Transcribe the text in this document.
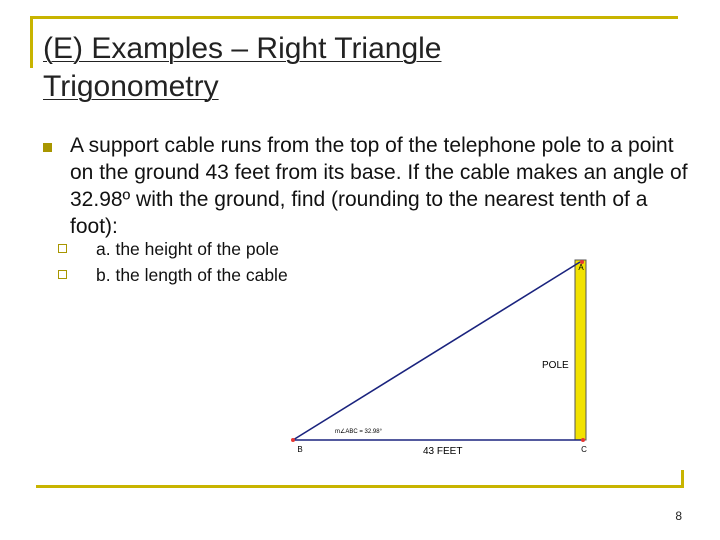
(E) Examples – Right Triangle
Trigonometry
A support cable runs from the top of the telephone pole to a point on the ground 43 feet from its base. If the cable makes an angle of 32.98º with the ground, find (rounding to the nearest tenth of a foot):
a. the height of the pole
b. the length of the cable	A
B	C
POLE
43 FEET
m∠ABC = 32.98°
8
